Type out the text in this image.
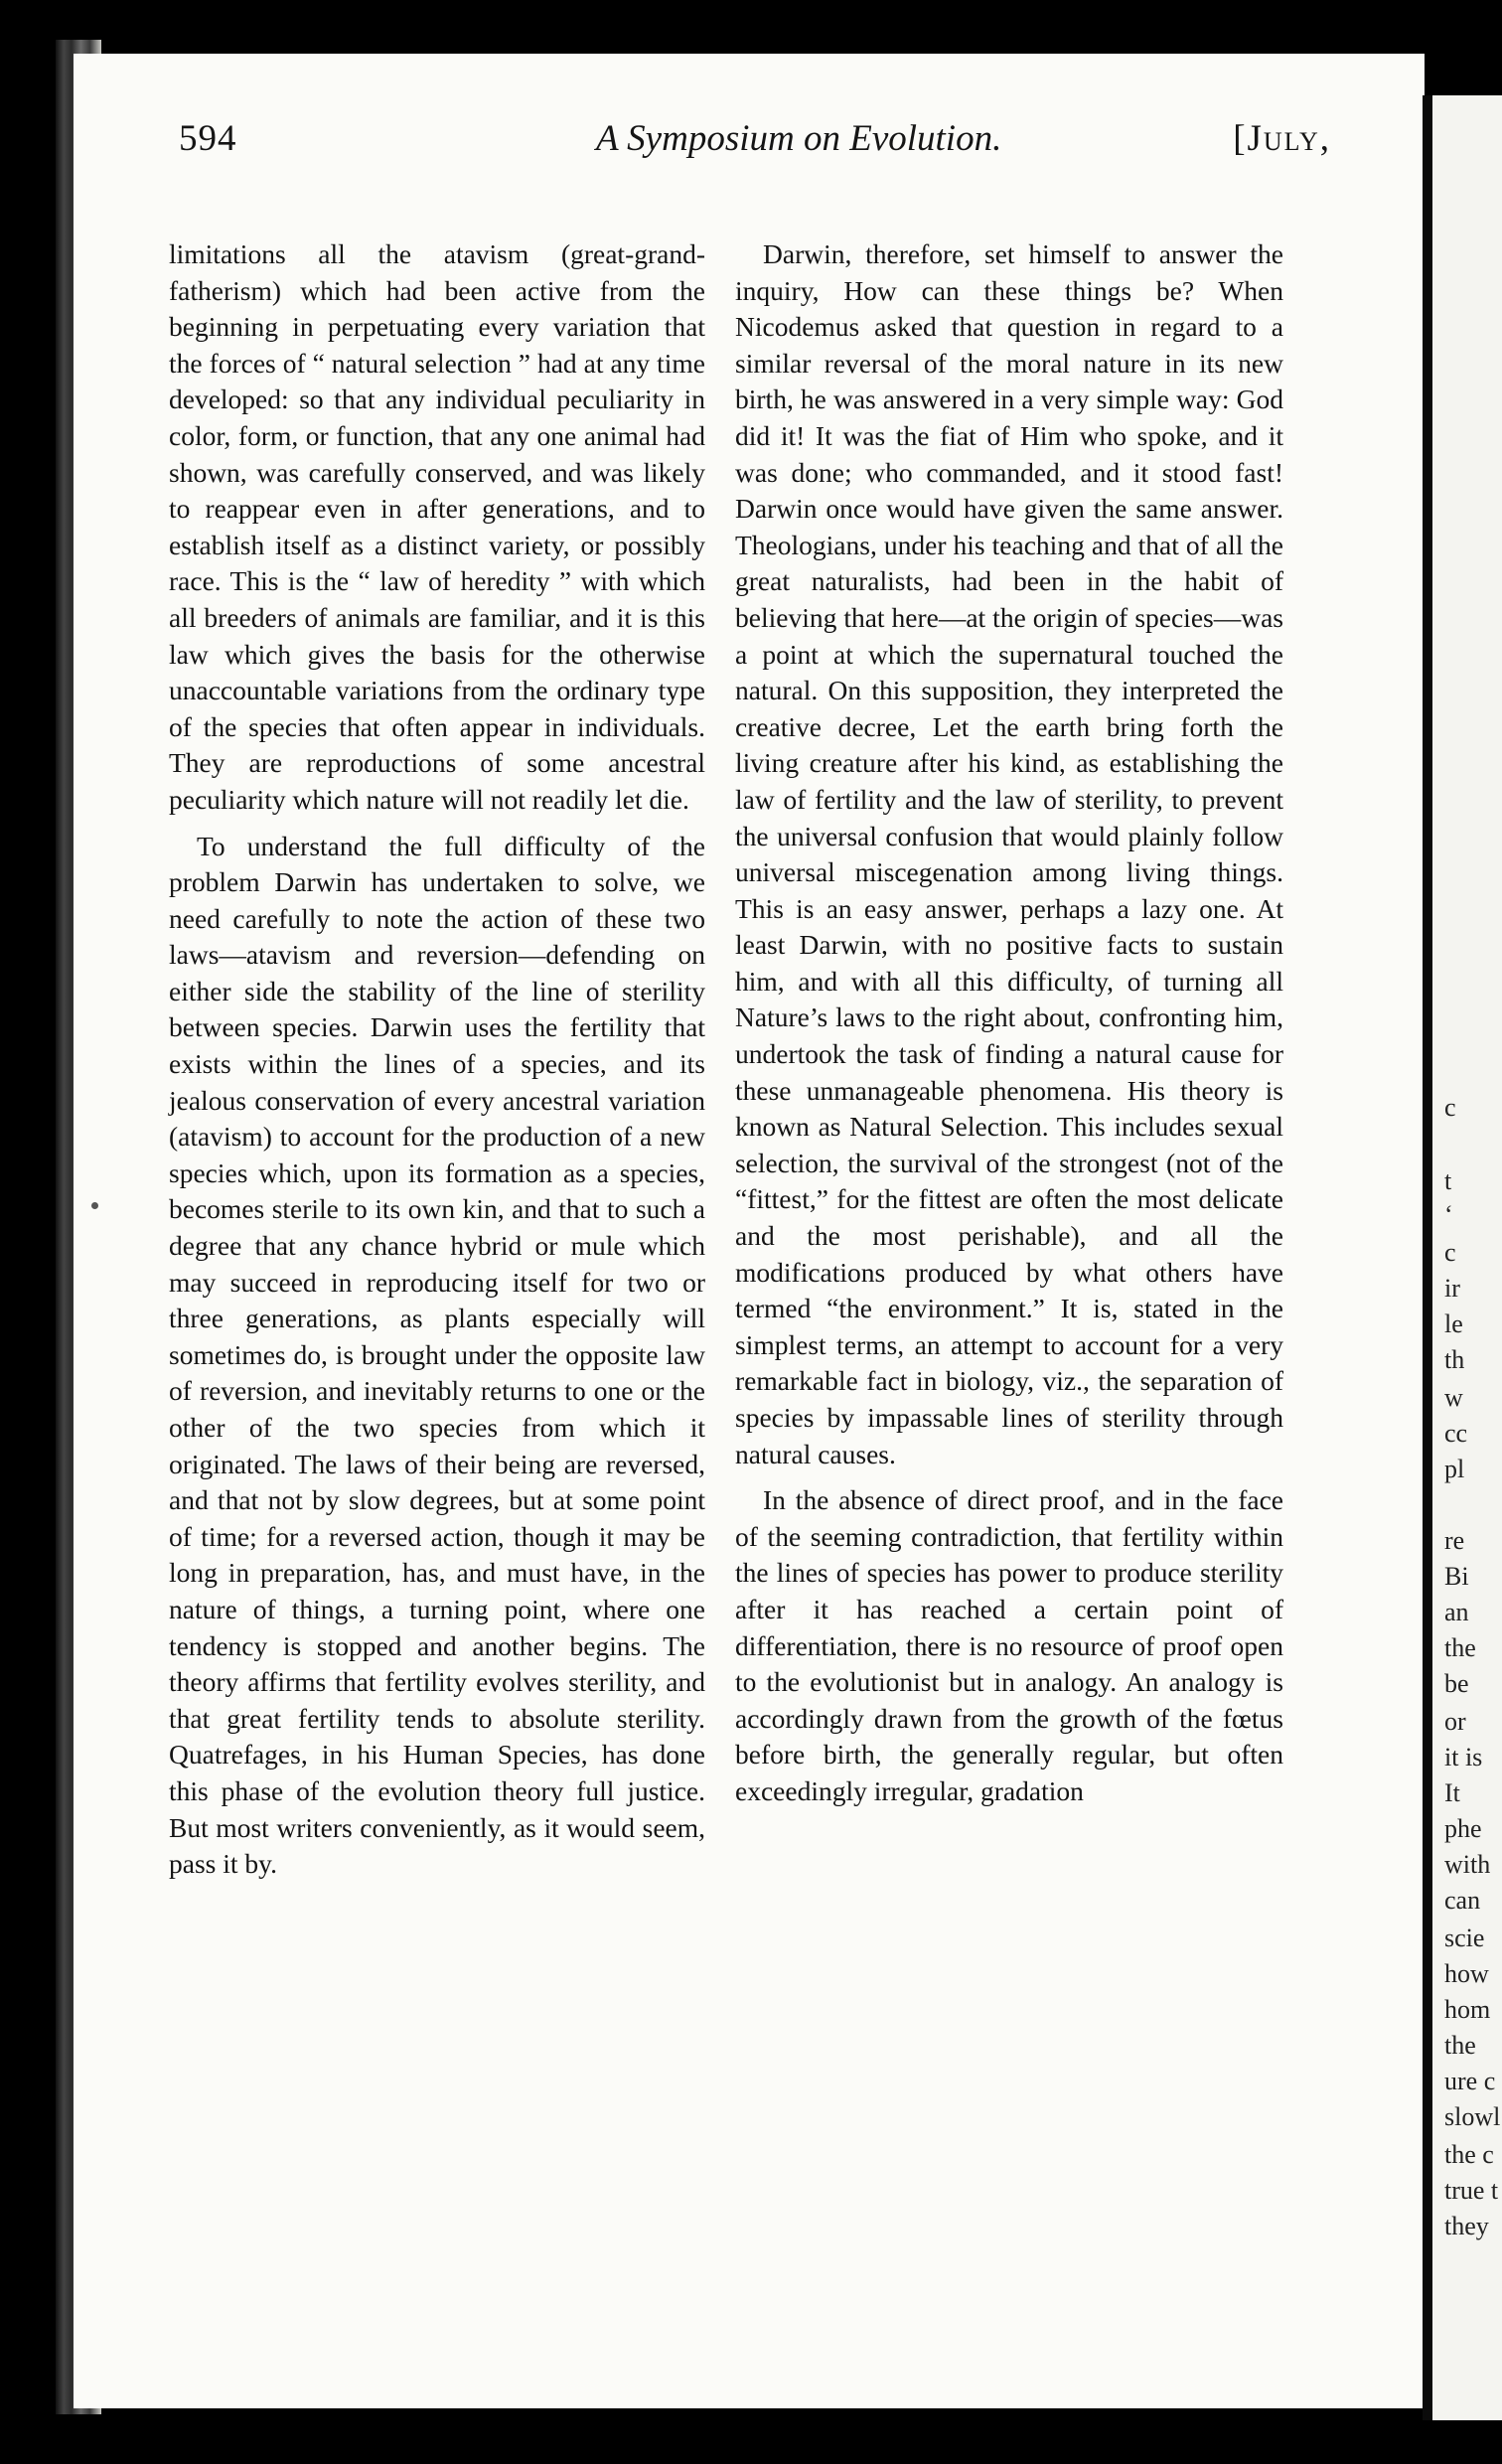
594	A Symposium on Evolution.	[July,

limitations all the atavism (great-grand-fatherism) which had been active from the beginning in perpetuating every variation that the forces of “ natural selection ” had at any time developed: so that any individual peculiarity in color, form, or function, that any one animal had shown, was carefully conserved, and was likely to reappear even in after generations, and to establish itself as a distinct variety, or possibly race. This is the “ law of heredity ” with which all breeders of animals are familiar, and it is this law which gives the basis for the otherwise unaccountable variations from the ordinary type of the species that often appear in individuals. They are reproductions of some ancestral peculiarity which nature will not readily let die.

To understand the full difficulty of the problem Darwin has undertaken to solve, we need carefully to note the action of these two laws—atavism and reversion—defending on either side the stability of the line of sterility between species. Darwin uses the fertility that exists within the lines of a species, and its jealous conservation of every ancestral variation (atavism) to account for the production of a new species which, upon its formation as a species, becomes sterile to its own kin, and that to such a degree that any chance hybrid or mule which may succeed in reproducing itself for two or three generations, as plants especially will sometimes do, is brought under the opposite law of reversion, and inevitably returns to one or the other of the two species from which it originated. The laws of their being are reversed, and that not by slow degrees, but at some point of time; for a reversed action, though it may be long in preparation, has, and must have, in the nature of things, a turning point, where one tendency is stopped and another begins. The theory affirms that fertility evolves sterility, and that great fertility tends to absolute sterility. Quatrefages, in his Human Species, has done this phase of the evolution theory full justice. But most writers conveniently, as it would seem, pass it by.

Darwin, therefore, set himself to answer the inquiry, How can these things be? When Nicodemus asked that question in regard to a similar reversal of the moral nature in its new birth, he was answered in a very simple way: God did it! It was the fiat of Him who spoke, and it was done; who commanded, and it stood fast! Darwin once would have given the same answer. Theologians, under his teaching and that of all the great naturalists, had been in the habit of believing that here—at the origin of species—was a point at which the supernatural touched the natural. On this supposition, they interpreted the creative decree, Let the earth bring forth the living creature after his kind, as establishing the law of fertility and the law of sterility, to prevent the universal confusion that would plainly follow universal miscegenation among living things. This is an easy answer, perhaps a lazy one. At least Darwin, with no positive facts to sustain him, and with all this difficulty, of turning all Nature’s laws to the right about, confronting him, undertook the task of finding a natural cause for these unmanageable phenomena. His theory is known as Natural Selection. This includes sexual selection, the survival of the strongest (not of the “fittest,” for the fittest are often the most delicate and the most perishable), and all the modifications produced by what others have termed “the environment.” It is, stated in the simplest terms, an attempt to account for a very remarkable fact in biology, viz., the separation of species by impassable lines of sterility through natural causes.

In the absence of direct proof, and in the face of the seeming contradiction, that fertility within the lines of species has power to produce sterility after it has reached a certain point of differentiation, there is no resource of proof open to the evolutionist but in analogy. An analogy is accordingly drawn from the growth of the fœtus before birth, the generally regular, but often exceedingly irregular, gradation

c
t
‘
c
ir
le
th
w
cc
pl
re
Bi
an
the
be
or
it is
It
phe
with
can
scie
how
hom
the
ure c
slowl
the c
true t
they
